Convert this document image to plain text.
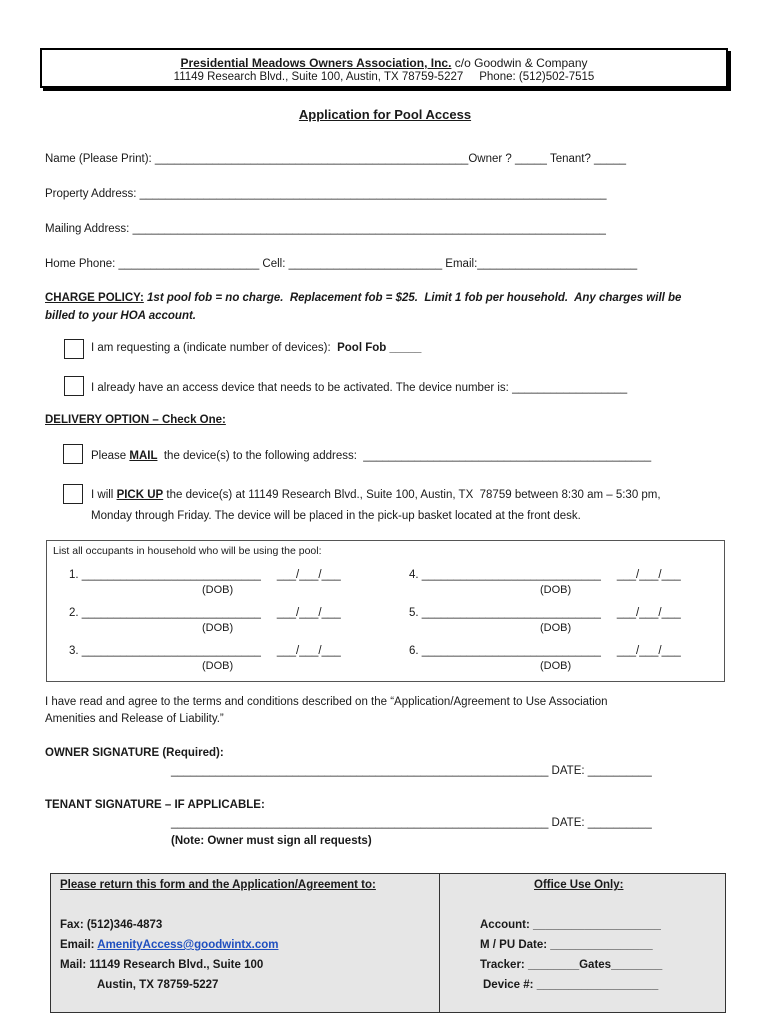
Presidential Meadows Owners Association, Inc. c/o Goodwin & Company
11149 Research Blvd., Suite 100, Austin, TX 78759-5227     Phone: (512)502-7515
Application for Pool Access
Name (Please Print): _________________________________________________Owner ? _____ Tenant? _____
Property Address: _________________________________________________________________________
Mailing Address: __________________________________________________________________________
Home Phone: ______________________ Cell: ________________________ Email:_________________________
CHARGE POLICY: 1st pool fob = no charge.  Replacement fob = $25.  Limit 1 fob per household.  Any charges will be
billed to your HOA account.
I am requesting a (indicate number of devices):  Pool Fob _____
I already have an access device that needs to be activated. The device number is: __________________
DELIVERY OPTION – Check One:
Please MAIL  the device(s) to the following address:  _____________________________________________
I will PICK UP the device(s) at 11149 Research Blvd., Suite 100, Austin, TX  78759 between 8:30 am – 5:30 pm,
Monday through Friday. The device will be placed in the pick-up basket located at the front desk.
List all occupants in household who will be using the pool:
1. ____________________________     ___/___/___
(DOB)
2. ____________________________     ___/___/___
(DOB)
3. ____________________________     ___/___/___
(DOB)
4. ____________________________     ___/___/___
(DOB)
5. ____________________________     ___/___/___
(DOB)
6. ____________________________     ___/___/___
(DOB)
I have read and agree to the terms and conditions described on the “Application/Agreement to Use Association
Amenities and Release of Liability.”
OWNER SIGNATURE (Required):
___________________________________________________________ DATE: __________
TENANT SIGNATURE – IF APPLICABLE:
___________________________________________________________ DATE: __________
(Note: Owner must sign all requests)
Please return this form and the Application/Agreement to:
Fax: (512)346-4873
Email: AmenityAccess@goodwintx.com
Mail: 11149 Research Blvd., Suite 100
Austin, TX 78759-5227
Office Use Only:
Account: ____________________
M / PU Date: ________________
Tracker: ________Gates________
Device #: ___________________
